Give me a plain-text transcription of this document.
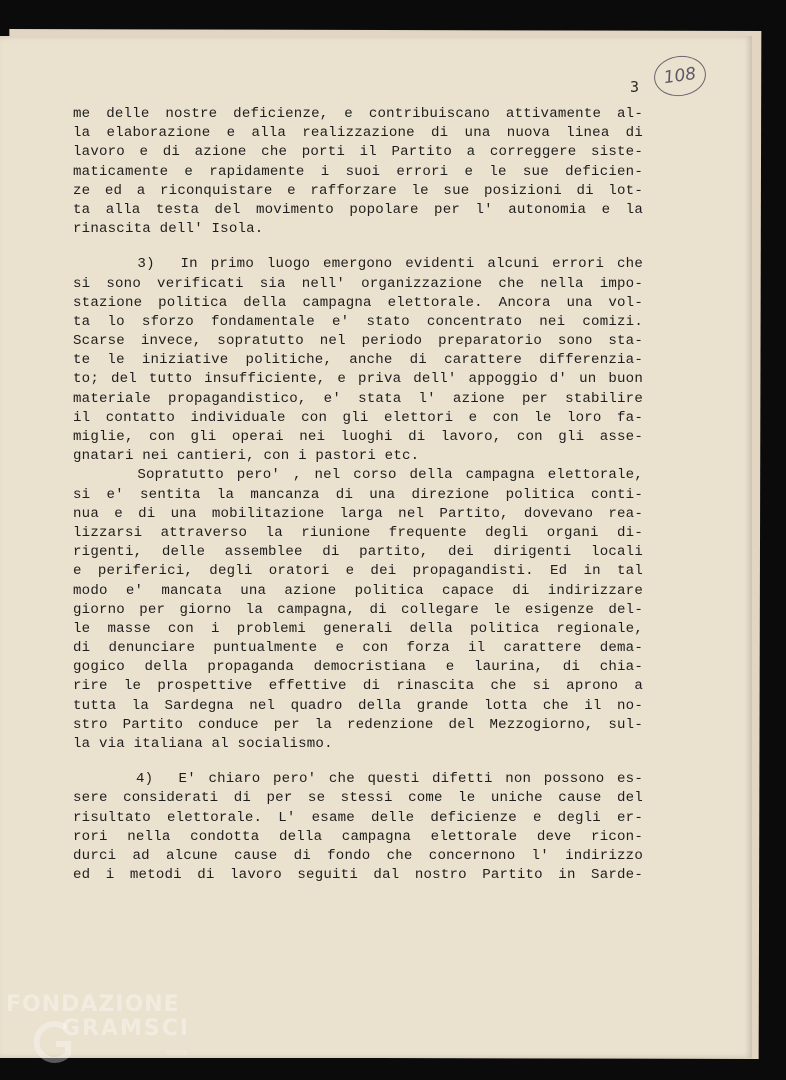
108
3
me delle nostre deficienze, e contribuiscano attivamente al-
la elaborazione e alla realizzazione di una nuova linea di
lavoro e di azione che porti il Partito a correggere siste-
maticamente e rapidamente i suoi errori e le sue deficien-
ze ed a riconquistare e rafforzare le sue posizioni di lot-
ta alla testa del movimento popolare per l' autonomia e la
rinascita dell' Isola.
3)  In primo luogo emergono evidenti alcuni errori che
si sono verificati sia nell' organizzazione che nella impo-
stazione politica della campagna elettorale. Ancora una vol-
ta lo sforzo fondamentale e' stato concentrato nei comizi.
Scarse invece, sopratutto nel periodo preparatorio sono sta-
te le iniziative politiche, anche di carattere differenzia-
to; del tutto insufficiente, e priva dell' appoggio d' un buon
materiale propagandistico, e' stata l' azione per stabilire
il contatto individuale con gli elettori e con le loro fa-
miglie, con gli operai nei luoghi di lavoro, con gli asse-
gnatari nei cantieri, con i pastori etc.
Sopratutto pero' , nel corso della campagna elettorale,
si e' sentita la mancanza di una direzione politica conti-
nua e di una mobilitazione larga nel Partito, dovevano rea-
lizzarsi attraverso la riunione frequente degli organi di-
rigenti, delle assemblee di partito, dei dirigenti locali
e periferici, degli oratori e dei propagandisti. Ed in tal
modo e' mancata una azione politica capace di indirizzare
giorno per giorno la campagna, di collegare le esigenze del-
le masse con i problemi generali della politica regionale,
di denunciare puntualmente e con forza il carattere dema-
gogico della propaganda democristiana e laurina, di chia-
rire le prospettive effettive di rinascita che si aprono a
tutta la Sardegna nel quadro della grande lotta che il no-
stro Partito conduce per la redenzione del Mezzogiorno, sul-
la via italiana al socialismo.
4)  E' chiaro pero' che questi difetti non possono es-
sere considerati di per se stessi come le uniche cause del
risultato elettorale. L' esame delle deficienze e degli er-
rori nella condotta della campagna elettorale deve ricon-
durci ad alcune cause di fondo che concernono l' indirizzo
ed i metodi di lavoro seguiti dal nostro Partito in Sarde-
FONDAZIONE
GRAMSCI
onlus
